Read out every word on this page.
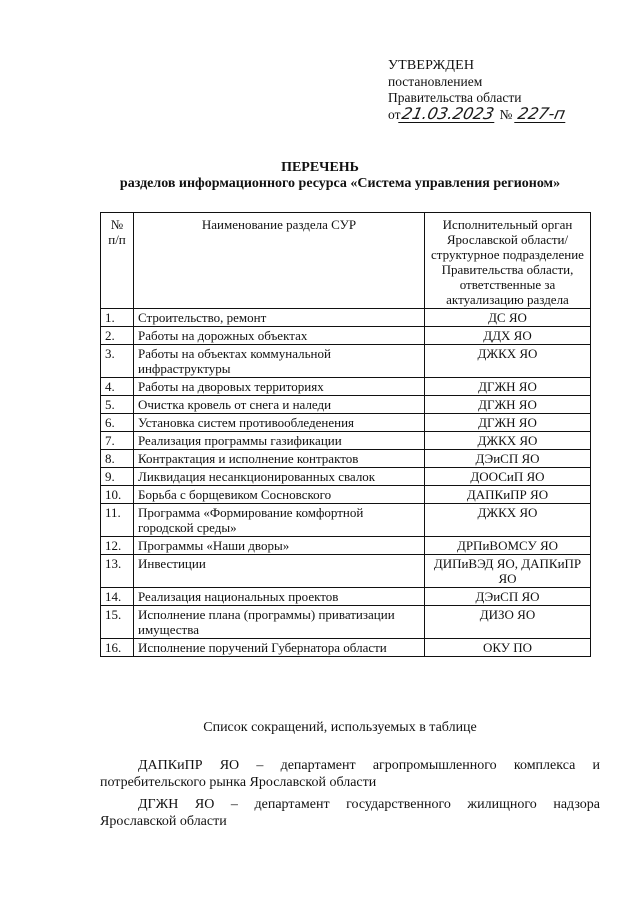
УТВЕРЖДЕН
постановлением
Правительства области
от21.03.2023 № 227-п
ПЕРЕЧЕНЬ
разделов информационного ресурса «Система управления регионом»
№ п/п	Наименование раздела СУР	Исполнительный орган Ярославской области/ структурное подразделение Правительства области, ответственные за актуализацию раздела
1.	Строительство, ремонт	ДС ЯО
2.	Работы на дорожных объектах	ДДХ ЯО
3.	Работы на объектах коммунальной инфраструктуры	ДЖКХ ЯО
4.	Работы на дворовых территориях	ДГЖН ЯО
5.	Очистка кровель от снега и наледи	ДГЖН ЯО
6.	Установка систем противообледенения	ДГЖН ЯО
7.	Реализация программы газификации	ДЖКХ ЯО
8.	Контрактация и исполнение контрактов	ДЭиСП ЯО
9.	Ликвидация несанкционированных свалок	ДООСиП ЯО
10.	Борьба с борщевиком Сосновского	ДАПКиПР ЯО
11.	Программа «Формирование комфортной городской среды»	ДЖКХ ЯО
12.	Программы «Наши дворы»	ДРПиВОМСУ ЯО
13.	Инвестиции	ДИПиВЭД ЯО, ДАПКиПР ЯО
14.	Реализация национальных проектов	ДЭиСП ЯО
15.	Исполнение плана (программы) приватизации имущества	ДИЗО ЯО
16.	Исполнение поручений Губернатора области	ОКУ ПО
Список сокращений, используемых в таблице
ДАПКиПР ЯО – департамент агропромышленного комплекса и потребительского рынка Ярославской области
ДГЖН ЯО – департамент государственного жилищного надзора Ярославской области
